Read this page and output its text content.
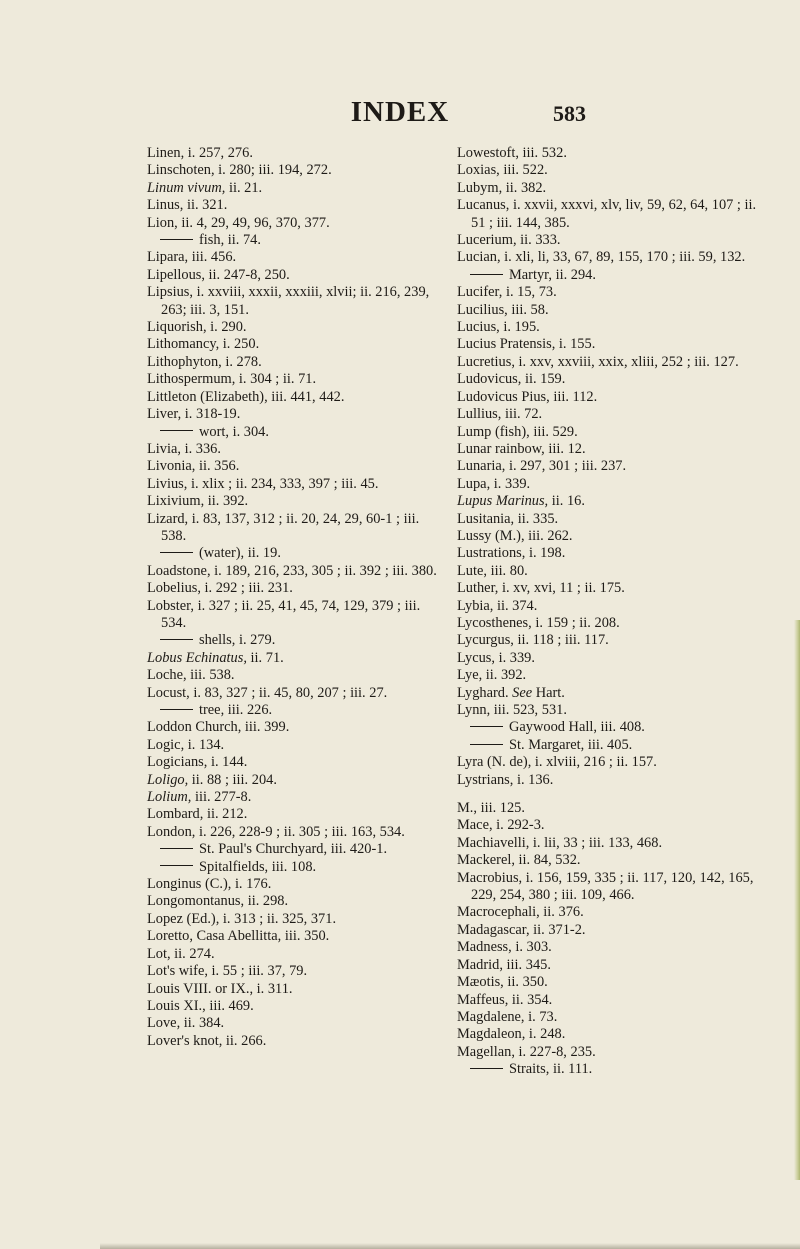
INDEX	583
Linen, i. 257, 276.
Linschoten, i. 280; iii. 194, 272.
Linum vivum, ii. 21.
Linus, ii. 321.
Lion, ii. 4, 29, 49, 96, 370, 377.
fish, ii. 74.
Lipara, iii. 456.
Lipellous, ii. 247-8, 250.
Lipsius, i. xxviii, xxxii, xxxiii, xlvii; ii. 216, 239, 263; iii. 3, 151.
Liquorish, i. 290.
Lithomancy, i. 250.
Lithophyton, i. 278.
Lithospermum, i. 304 ; ii. 71.
Littleton (Elizabeth), iii. 441, 442.
Liver, i. 318-19.
wort, i. 304.
Livia, i. 336.
Livonia, ii. 356.
Livius, i. xlix ; ii. 234, 333, 397 ; iii. 45.
Lixivium, ii. 392.
Lizard, i. 83, 137, 312 ; ii. 20, 24, 29, 60-1 ; iii. 538.
(water), ii. 19.
Loadstone, i. 189, 216, 233, 305 ; ii. 392 ; iii. 380.
Lobelius, i. 292 ; iii. 231.
Lobster, i. 327 ; ii. 25, 41, 45, 74, 129, 379 ; iii. 534.
shells, i. 279.
Lobus Echinatus, ii. 71.
Loche, iii. 538.
Locust, i. 83, 327 ; ii. 45, 80, 207 ; iii. 27.
tree, iii. 226.
Loddon Church, iii. 399.
Logic, i. 134.
Logicians, i. 144.
Loligo, ii. 88 ; iii. 204.
Lolium, iii. 277-8.
Lombard, ii. 212.
London, i. 226, 228-9 ; ii. 305 ; iii. 163, 534.
St. Paul's Churchyard, iii. 420-1.
Spitalfields, iii. 108.
Longinus (C.), i. 176.
Longomontanus, ii. 298.
Lopez (Ed.), i. 313 ; ii. 325, 371.
Loretto, Casa Abellitta, iii. 350.
Lot, ii. 274.
Lot's wife, i. 55 ; iii. 37, 79.
Louis VIII. or IX., i. 311.
Louis XI., iii. 469.
Love, ii. 384.
Lover's knot, ii. 266.
Lowestoft, iii. 532.
Loxias, iii. 522.
Lubym, ii. 382.
Lucanus, i. xxvii, xxxvi, xlv, liv, 59, 62, 64, 107 ; ii. 51 ; iii. 144, 385.
Lucerium, ii. 333.
Lucian, i. xli, li, 33, 67, 89, 155, 170 ; iii. 59, 132.
Martyr, ii. 294.
Lucifer, i. 15, 73.
Lucilius, iii. 58.
Lucius, i. 195.
Lucius Pratensis, i. 155.
Lucretius, i. xxv, xxviii, xxix, xliii, 252 ; iii. 127.
Ludovicus, ii. 159.
Ludovicus Pius, iii. 112.
Lullius, iii. 72.
Lump (fish), iii. 529.
Lunar rainbow, iii. 12.
Lunaria, i. 297, 301 ; iii. 237.
Lupa, i. 339.
Lupus Marinus, ii. 16.
Lusitania, ii. 335.
Lussy (M.), iii. 262.
Lustrations, i. 198.
Lute, iii. 80.
Luther, i. xv, xvi, 11 ; ii. 175.
Lybia, ii. 374.
Lycosthenes, i. 159 ; ii. 208.
Lycurgus, ii. 118 ; iii. 117.
Lycus, i. 339.
Lye, ii. 392.
Lyghard. See Hart.
Lynn, iii. 523, 531.
Gaywood Hall, iii. 408.
St. Margaret, iii. 405.
Lyra (N. de), i. xlviii, 216 ; ii. 157.
Lystrians, i. 136.
M., iii. 125.
Mace, i. 292-3.
Machiavelli, i. lii, 33 ; iii. 133, 468.
Mackerel, ii. 84, 532.
Macrobius, i. 156, 159, 335 ; ii. 117, 120, 142, 165, 229, 254, 380 ; iii. 109, 466.
Macrocephali, ii. 376.
Madagascar, ii. 371-2.
Madness, i. 303.
Madrid, iii. 345.
Mæotis, ii. 350.
Maffeus, ii. 354.
Magdalene, i. 73.
Magdaleon, i. 248.
Magellan, i. 227-8, 235.
Straits, ii. 111.
